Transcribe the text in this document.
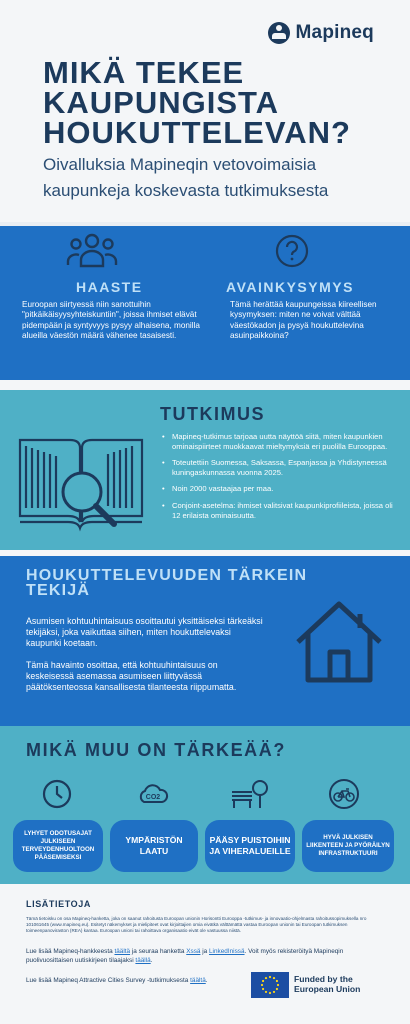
Mapineq
MIKÄ TEKEE KAUPUNGISTA HOUKUTTELEVAN?

Oivalluksia Mapineqin vetovoimaisia kaupunkeja koskevasta tutkimuksesta

HAASTE

Euroopan siirtyessä niin sanottuihin "pitkäikäisyysyhteiskuntiin", joissa ihmiset elävät pidempään ja syntyvyys pysyy alhaisena, monilla alueilla väestön määrä vähenee tasaisesti.

AVAINKYSYMYS

Tämä herättää kaupungeissa kiireellisen kysymyksen: miten ne voivat välttää väestökadon ja pysyä houkuttelevina asuinpaikkoina?

TUTKIMUS
• Mapineq-tutkimus tarjoaa uutta näyttöä siitä, miten kaupunkien ominaispiirteet muokkaavat mieltymyksiä eri puolilla Eurooppaa.
• Toteutettiin Suomessa, Saksassa, Espanjassa ja Yhdistyneessä kuningaskunnassa vuonna 2025.
• Noin 2000 vastaajaa per maa.
• Conjoint-asetelma: ihmiset valitsivat kaupunkiprofiileista, joissa oli 12 erilaista ominaisuutta.
HOUKUTTELEVUUDEN TÄRKEIN TEKIJÄ

Asumisen kohtuuhintaisuus osoittautui yksittäiseksi tärkeäksi tekijäksi, joka vaikuttaa siihen, miten houkuttelevaksi kaupunki koetaan.

Tämä havainto osoittaa, että kohtuuhintaisuus on keskeisessä asemassa asumiseen liittyvässä päätöksenteossa kansallisesta tilanteesta riippumatta.

MIKÄ MUU ON TÄRKEÄÄ?
CO2
LYHYET ODOTUSAJAT JULKISEEN TERVEYDENHUOLTOON PÄÄSEMISEKSI
YMPÄRISTÖN LAATU
PÄÄSY PUISTOIHIN JA VIHERALUEILLE
HYVÄ JULKISEN LIIKENTEEN JA PYÖRÄILYN INFRASTRUKTUURI
LISÄTIETOJA

Tämä tietoisku on osa Mapineq-hanketta, joka on saanut rahoitusta Euroopan unionin Horisontti Eurooppa -tutkimus- ja innovaatio-ohjelmasta rahoitussopimuksella nro 101061645 (www.mapineq.eu). Esitetyt näkemykset ja mielipiteet ovat kirjoittajien omia eivätkä välttämättä vastaa Euroopan unionin tai Euroopan tutkimuksen toimeenpanoviraston (REA) kantaa. Euroopan unioni tai rahoittava organisaatio eivät ole vastuussa niistä.

Lue lisää Mapineq-hankkeesta täältä ja seuraa hanketta Xssä ja LinkedInissä. Voit myös rekisteröityä Mapineqin puolivuosittaisen uutiskirjeen tilaajaksi täällä.

Lue lisää Mapineq Attractive Cities Survey -tutkimuksesta täältä.	Funded by the European Union
